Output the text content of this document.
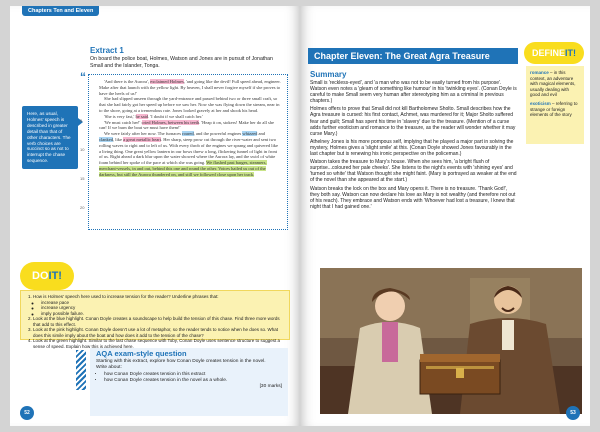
Chapters Ten and Eleven
Here, as usual, Holmes' speech is described in greater detail than that of other characters. The verb choices are succinct so as not to interrupt the chase sequence.
Extract 1
On board the police boat, Holmes, Watson and Jones are in pursuit of Jonathan Small and the Islander, Tonga.
“
5
10
15
20

'And there is the Aurora', exclaimed Holmes, 'and going like the devil! Full speed ahead, engineer. Make after that launch with the yellow light. By heaven, I shall never forgive myself if she proves to have the heels of us!'

She had slipped unseen through the yard-entrance and passed behind two or three small craft, so that she had fairly got her speed up before we saw her. Now she was flying down the stream, near in to the shore, going at a tremendous rate. Jones looked gravely at her and shook his head.

'She is very fast,' he said. 'I doubt if we shall catch her.'

'We must catch her!' cried Holmes, between his teeth. 'Heap it on, stokers! Make her do all she can! If we burn the boat we must have them!'

We were fairly after her now. The furnaces roared, and the powerful engines whizzed and clanked, like a great metallic heart. Her sharp, steep prow cut through the river-water and sent two rolling waves to right and to left of us. With every throb of the engines we sprang and quivered like a living thing. One great yellow lantern in our bows threw a long, flickering funnel of light in front of us. Right ahead a dark blur upon the water showed where the Aurora lay, and the swirl of white foam behind her spoke of the pace at which she was going. We flashed past barges, steamers, merchant-vessels, in and out, behind this one and round the other. Voices hailed us out of the darkness, but still the Aurora thundered on, and still we followed close upon her track.

DOIT!
1. How is Holmes' speech here used to increase tension for the reader? Underline phrases that:
◦ increase pace
◦ increase urgency
◦ imply possible failure.
2. Look at the blue highlight. Conan Doyle creates a soundscape to help build the tension of this chase. Find three more words that add to this effect.
3. Look at the pink highlight. Conan Doyle doesn't use a lot of metaphor, so the reader tends to notice when he does so. What does this simile imply about the boat and how does it add to the tension of the chase?
4. Look at the green highlight. Similar to the last chase sequence with Toby, Conan Doyle uses sentence structure to suggest a sense of speed. Explain how this is achieved here.
AQA exam-style question

Starting with this extract, explore how Conan Doyle creates tension in the novel.

Write about:

• how Conan Doyle creates tension in this extract
• how Conan Doyle creates tension in the novel as a whole.

[30 marks]

52
Chapter Eleven: The Great Agra Treasure	DEFINEIT!

romance – in this context, an adventure with magical elements, usually dealing with good and evil

exoticism – referring to strange or foreign elements of the story

Summary

Small is 'reckless-eyed', and 'a man who was not to be easily turned from his purpose'. Watson even notes a 'gleam of something like humour' in his 'twinkling eyes'. (Conan Doyle is careful to make Small seem very human after stereotyping him as a criminal in previous chapters.)

Holmes offers to prove that Small did not kill Bartholomew Sholto. Small describes how the Agra treasure is cursed: his first contact, Achmet, was murdered for it; Major Sholto suffered fear and guilt; Small has spent his time in 'slavery' due to the treasure. (Mention of a curse adds further exoticism and romance to the treasure, as the reader will wonder whether it may curse Mary.)

Athelney Jones is his more pompous self, implying that he played a major part in solving the mystery, Holmes gives a 'slight smile' at this. (Conan Doyle showed Jones favourably in the last chapter but is renewing his ironic perspective on the policeman.)

Watson takes the treasure to Mary's house. When she sees him, 'a bright flush of surprise...coloured her pale cheeks'. She listens to the night's events with 'shining eyes' and 'turned so white' that Watson thought she might faint. (Mary is portrayed as weaker at the end of the novel than she appeared at the start.)

Watson breaks the lock on the box and Mary opens it. There is no treasure. 'Thank God!', they both say. Watson can now declare his love as Mary is not wealthy (and therefore not out of his reach). They embrace and Watson ends with 'Whoever had lost a treasure, I knew that night that I had gained one.'

53
